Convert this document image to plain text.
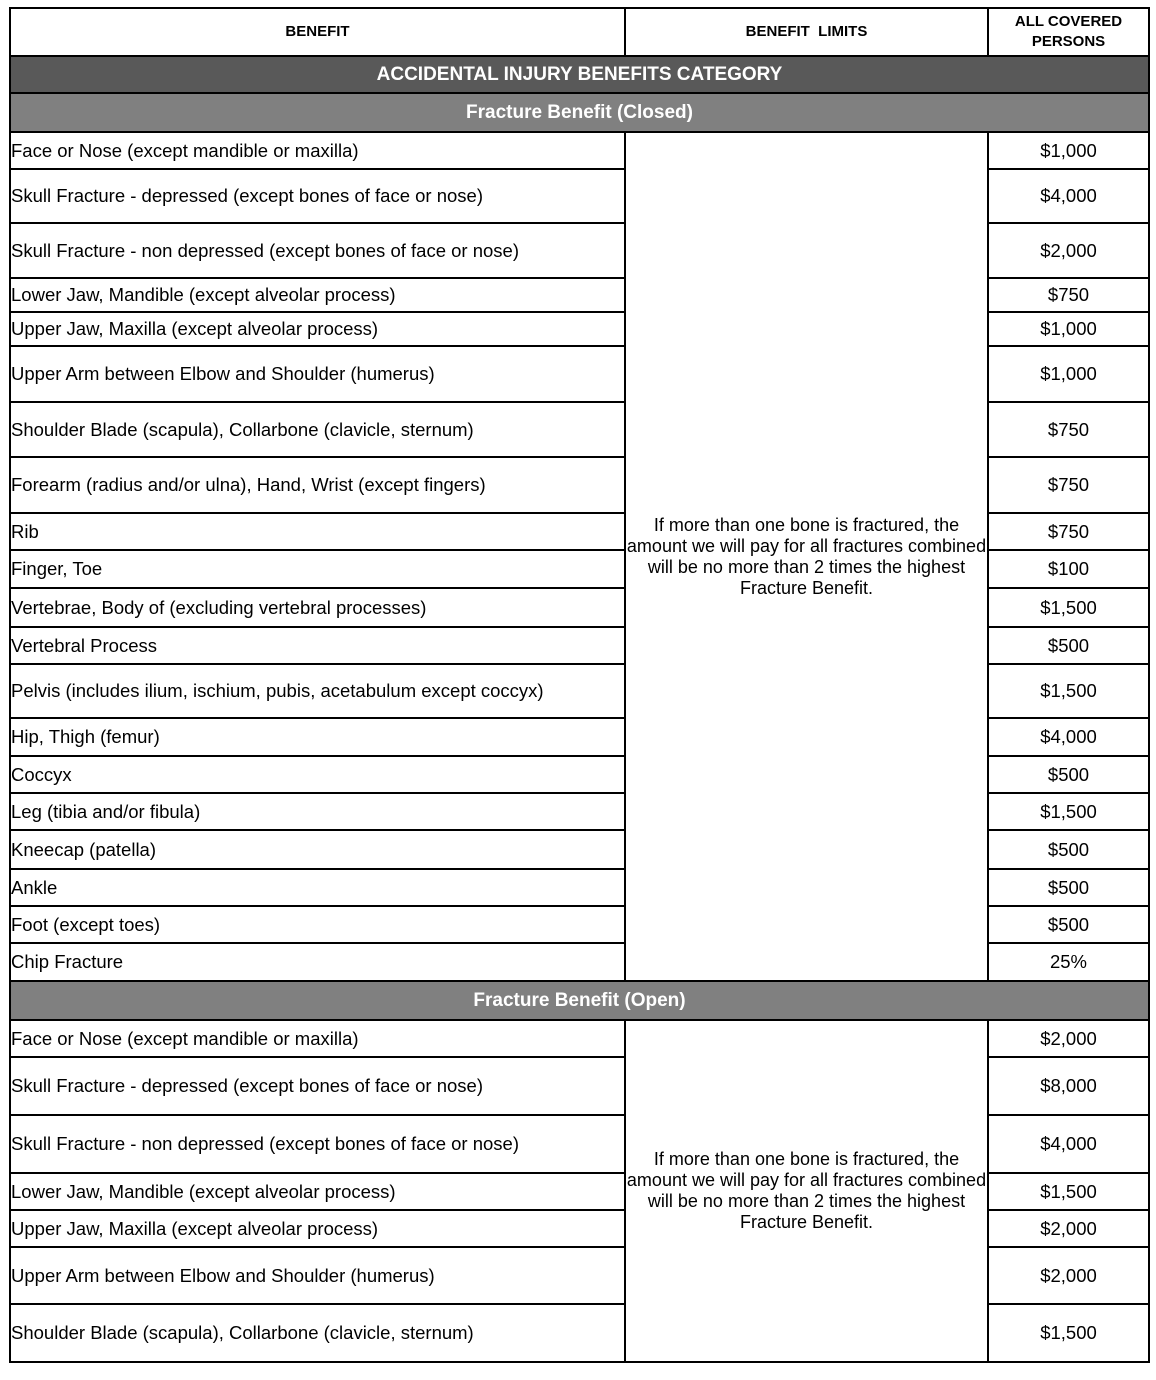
BENEFIT	BENEFIT  LIMITS	ALL COVERED
PERSONS
ACCIDENTAL INJURY BENEFITS CATEGORY		
Fracture Benefit (Closed)		
Face or Nose (except mandible or maxilla)	If more than one bone is fractured, the amount we will pay for all fractures combined will be no more than 2 times the highest Fracture Benefit.	$1,000
Skull Fracture - depressed (except bones of face or nose)		$4,000
Skull Fracture - non depressed (except bones of face or nose)		$2,000
Lower Jaw, Mandible (except alveolar process)		$750
Upper Jaw, Maxilla (except alveolar process)		$1,000
Upper Arm between Elbow and Shoulder (humerus)		$1,000
Shoulder Blade (scapula), Collarbone (clavicle, sternum)		$750
Forearm (radius and/or ulna), Hand, Wrist (except fingers)		$750
Rib		$750
Finger, Toe		$100
Vertebrae, Body of (excluding vertebral processes)		$1,500
Vertebral Process		$500
Pelvis (includes ilium, ischium, pubis, acetabulum except coccyx)		$1,500
Hip, Thigh (femur)		$4,000
Coccyx		$500
Leg (tibia and/or fibula)		$1,500
Kneecap (patella)		$500
Ankle		$500
Foot (except toes)		$500
Chip Fracture		25%
Fracture Benefit (Open)		
Face or Nose (except mandible or maxilla)	If more than one bone is fractured, the amount we will pay for all fractures combined will be no more than 2 times the highest Fracture Benefit.	$2,000
Skull Fracture - depressed (except bones of face or nose)		$8,000
Skull Fracture - non depressed (except bones of face or nose)		$4,000
Lower Jaw, Mandible (except alveolar process)		$1,500
Upper Jaw, Maxilla (except alveolar process)		$2,000
Upper Arm between Elbow and Shoulder (humerus)		$2,000
Shoulder Blade (scapula), Collarbone (clavicle, sternum)		$1,500
